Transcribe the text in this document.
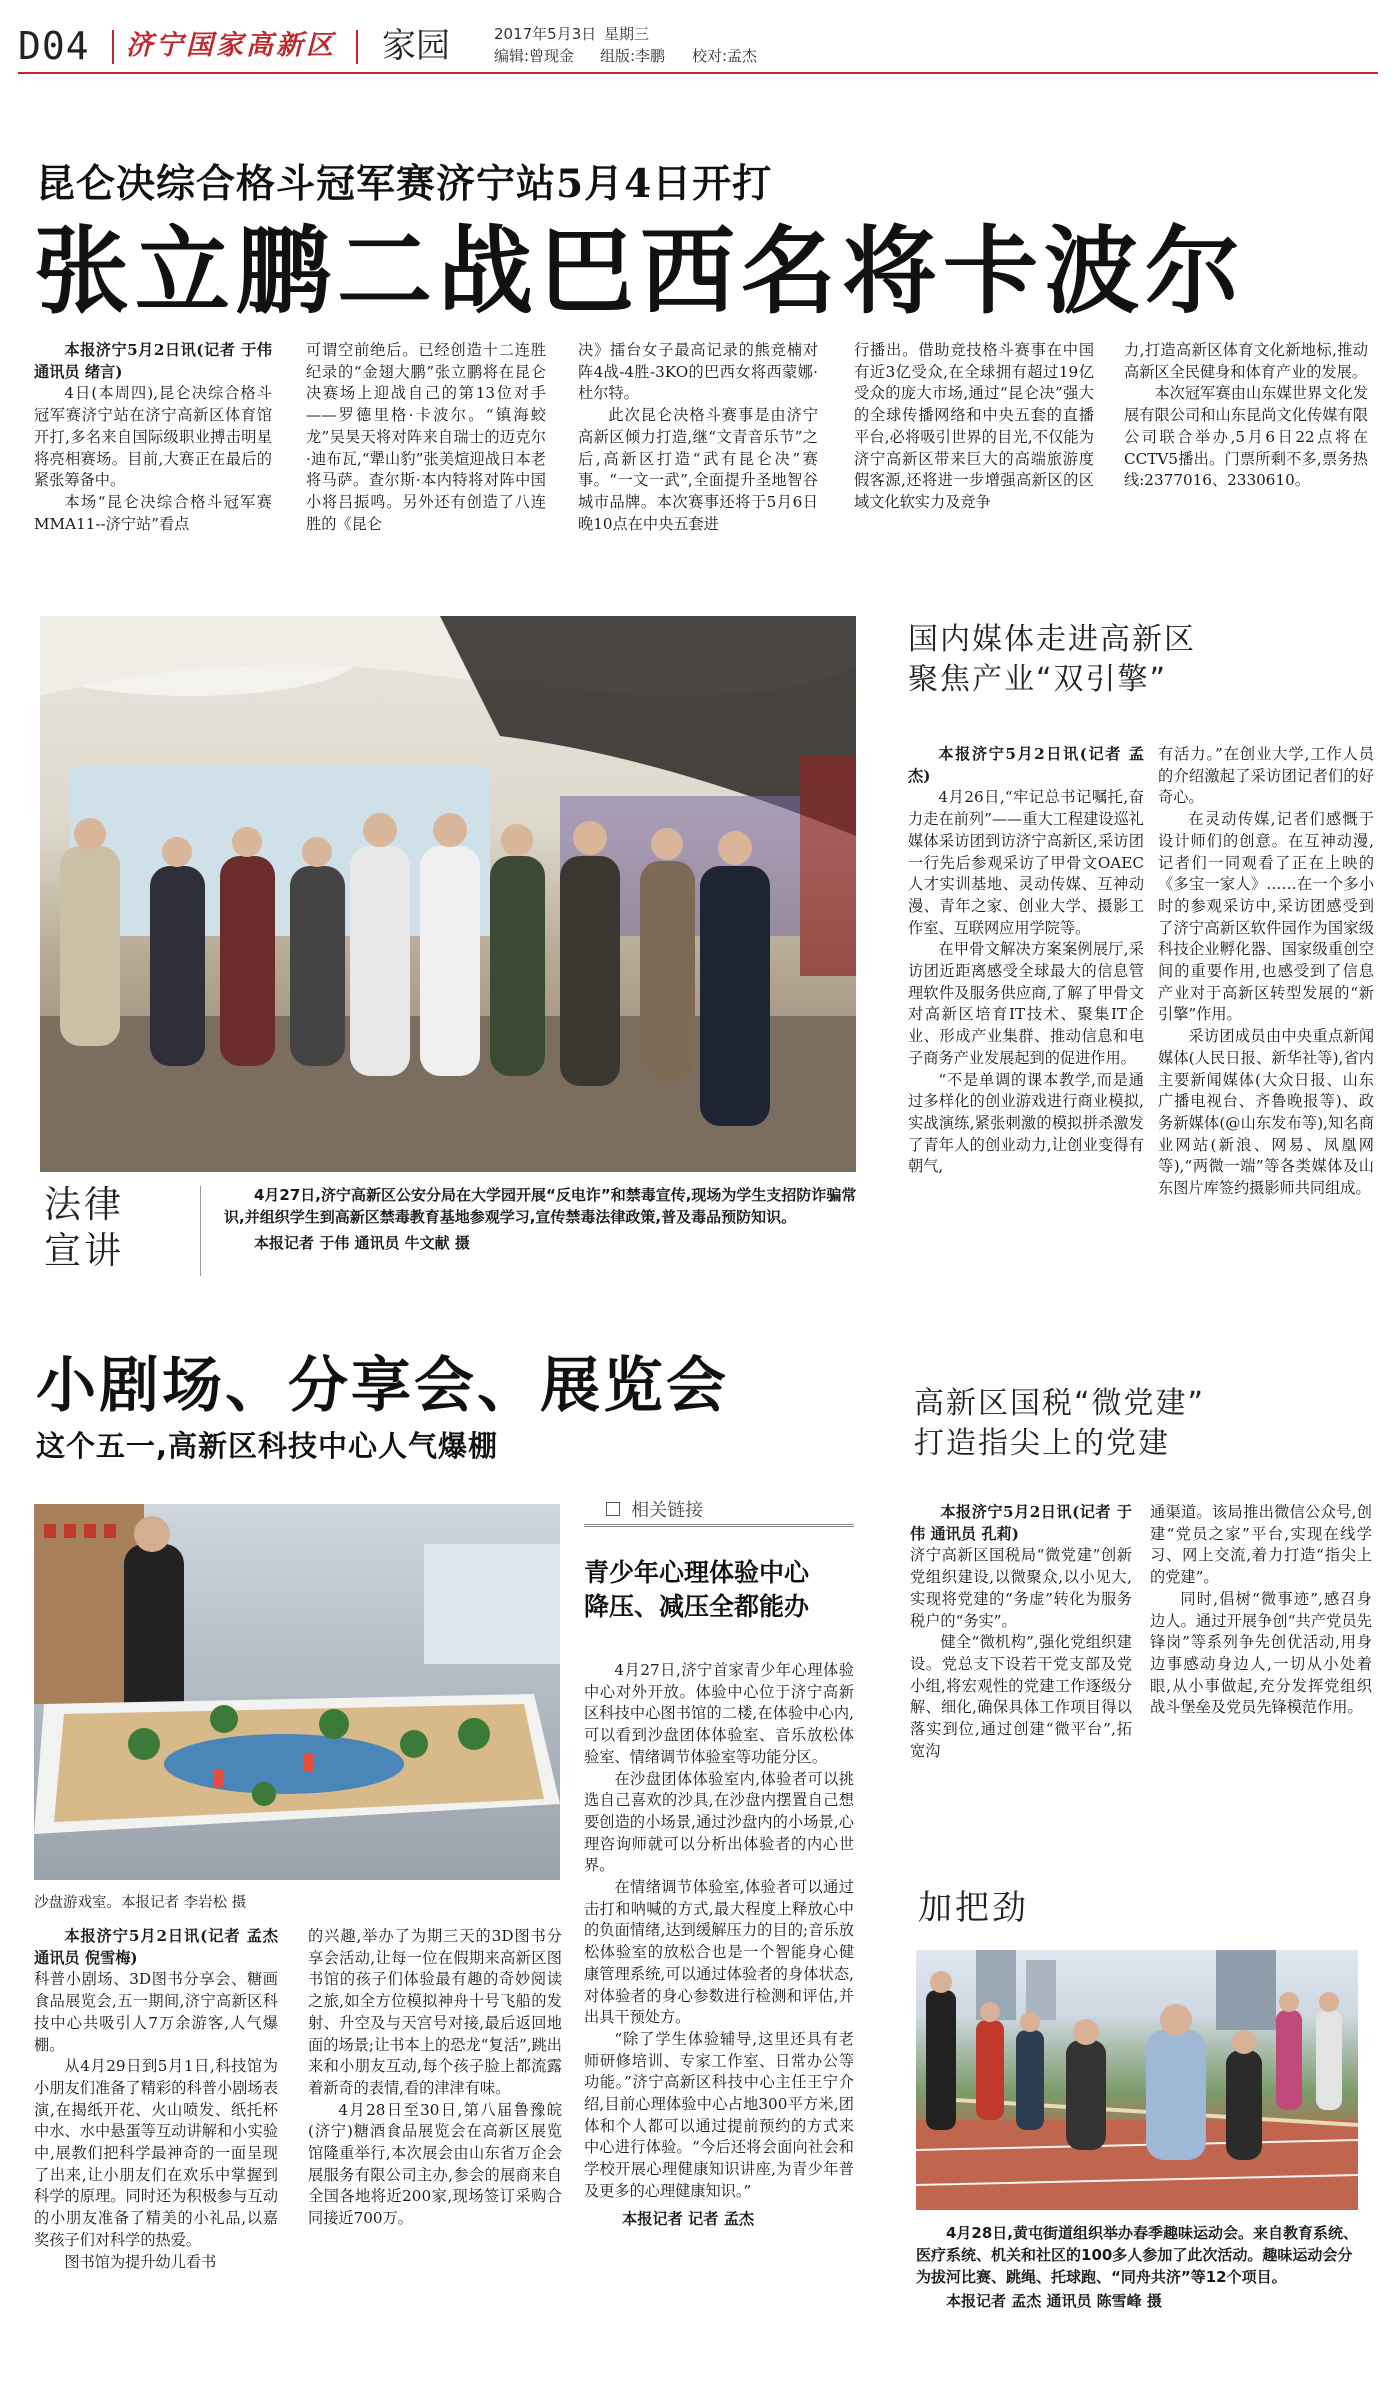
D04 济宁国家高新区 家园	2017年5月3日 星期三
编辑:曾现金 组版:李鹏 校对:孟杰
昆仑决综合格斗冠军赛济宁站5月4日开打
张立鹏二战巴西名将卡波尔

本报济宁5月2日讯(记者 于伟 通讯员 绪言)

4日(本周四),昆仑决综合格斗冠军赛济宁站在济宁高新区体育馆开打,多名来自国际级职业搏击明星将亮相赛场。目前,大赛正在最后的紧张筹备中。

本场“昆仑决综合格斗冠军赛MMA11--济宁站”看点

可谓空前绝后。已经创造十二连胜纪录的“金翅大鹏”张立鹏将在昆仑决赛场上迎战自己的第13位对手——罗德里格·卡波尔。“镇海蛟龙”吴昊天将对阵来自瑞士的迈克尔·迪布瓦,“犟山豹”张美煊迎战日本老将马萨。查尔斯·本内特将对阵中国小将吕振鸣。另外还有创造了八连胜的《昆仑

决》擂台女子最高记录的熊竞楠对阵4战-4胜-3KO的巴西女将西蒙娜·杜尔特。

此次昆仑决格斗赛事是由济宁高新区倾力打造,继“文青音乐节”之后,高新区打造“武有昆仑决”赛事。“一文一武”,全面提升圣地智谷城市品牌。本次赛事还将于5月6日晚10点在中央五套进

行播出。借助竞技格斗赛事在中国有近3亿受众,在全球拥有超过19亿受众的庞大市场,通过“昆仑决”强大的全球传播网络和中央五套的直播平台,必将吸引世界的目光,不仅能为济宁高新区带来巨大的高端旅游度假客源,还将进一步增强高新区的区域文化软实力及竞争

力,打造高新区体育文化新地标,推动高新区全民健身和体育产业的发展。

本次冠军赛由山东媒世界文化发展有限公司和山东昆尚文化传媒有限公司联合举办,5月6日22点将在CCTV5播出。门票所剩不多,票务热线:2377016、2330610。

法律
宣讲
4月27日,济宁高新区公安分局在大学园开展“反电诈”和禁毒宣传,现场为学生支招防诈骗常识,并组织学生到高新区禁毒教育基地参观学习,宣传禁毒法律政策,普及毒品预防知识。
本报记者 于伟 通讯员 牛文献 摄
国内媒体走进高新区
聚焦产业“双引擎”

本报济宁5月2日讯(记者 孟杰)

4月26日,“牢记总书记嘱托,奋力走在前列”——重大工程建设巡礼媒体采访团到访济宁高新区,采访团一行先后参观采访了甲骨文OAEC人才实训基地、灵动传媒、互神动漫、青年之家、创业大学、摄影工作室、互联网应用学院等。

在甲骨文解决方案案例展厅,采访团近距离感受全球最大的信息管理软件及服务供应商,了解了甲骨文对高新区培育IT技术、聚集IT企业、形成产业集群、推动信息和电子商务产业发展起到的促进作用。

“不是单调的课本教学,而是通过多样化的创业游戏进行商业模拟,实战演练,紧张刺激的模拟拼杀激发了青年人的创业动力,让创业变得有朝气,

有活力。”在创业大学,工作人员的介绍激起了采访团记者们的好奇心。

在灵动传媒,记者们感慨于设计师们的创意。在互神动漫,记者们一同观看了正在上映的《多宝一家人》……在一个多小时的参观采访中,采访团感受到了济宁高新区软件园作为国家级科技企业孵化器、国家级重创空间的重要作用,也感受到了信息产业对于高新区转型发展的“新引擎”作用。

采访团成员由中央重点新闻媒体(人民日报、新华社等),省内主要新闻媒体(大众日报、山东广播电视台、齐鲁晚报等)、政务新媒体(@山东发布等),知名商业网站(新浪、网易、凤凰网等),“两微一端”等各类媒体及山东图片库签约摄影师共同组成。

小剧场、分享会、展览会
这个五一,高新区科技中心人气爆棚
沙盘游戏室。本报记者 李岩松 摄

本报济宁5月2日讯(记者 孟杰 通讯员 倪雪梅)

科普小剧场、3D图书分享会、糖画食品展览会,五一期间,济宁高新区科技中心共吸引人7万余游客,人气爆棚。

从4月29日到5月1日,科技馆为小朋友们准备了精彩的科普小剧场表演,在揭纸开花、火山喷发、纸托杯中水、水中悬蛋等互动讲解和小实验中,展教们把科学最神奇的一面呈现了出来,让小朋友们在欢乐中掌握到科学的原理。同时还为积极参与互动的小朋友准备了精美的小礼品,以嘉奖孩子们对科学的热爱。

图书馆为提升幼儿看书

的兴趣,举办了为期三天的3D图书分享会活动,让每一位在假期来高新区图书馆的孩子们体验最有趣的奇妙阅读之旅,如全方位模拟神舟十号飞船的发射、升空及与天宫号对接,最后返回地面的场景;让书本上的恐龙“复活”,跳出来和小朋友互动,每个孩子脸上都流露着新奇的表情,看的津津有味。

4月28日至30日,第八届鲁豫皖(济宁)糖酒食品展览会在高新区展览馆隆重举行,本次展会由山东省万企会展服务有限公司主办,参会的展商来自全国各地将近200家,现场签订采购合同接近700万。

相关链接
青少年心理体验中心
降压、减压全都能办

4月27日,济宁首家青少年心理体验中心对外开放。体验中心位于济宁高新区科技中心图书馆的二楼,在体验中心内,可以看到沙盘团体体验室、音乐放松体验室、情绪调节体验室等功能分区。

在沙盘团体体验室内,体验者可以挑选自己喜欢的沙具,在沙盘内摆置自己想要创造的小场景,通过沙盘内的小场景,心理咨询师就可以分析出体验者的内心世界。

在情绪调节体验室,体验者可以通过击打和呐喊的方式,最大程度上释放心中的负面情绪,达到缓解压力的目的;音乐放松体验室的放松合也是一个智能身心健康管理系统,可以通过体验者的身体状态,对体验者的身心参数进行检测和评估,并出具干预处方。

“除了学生体验辅导,这里还具有老师研修培训、专家工作室、日常办公等功能。”济宁高新区科技中心主任王宁介绍,目前心理体验中心占地300平方米,团体和个人都可以通过提前预约的方式来中心进行体验。“今后还将会面向社会和学校开展心理健康知识讲座,为青少年普及更多的心理健康知识。”

本报记者 记者 孟杰

高新区国税“微党建”
打造指尖上的党建

本报济宁5月2日讯(记者 于伟 通讯员 孔莉)

济宁高新区国税局“微党建”创新党组织建设,以微聚众,以小见大,实现将党建的“务虚”转化为服务税户的“务实”。

健全“微机构”,强化党组织建设。党总支下设若干党支部及党小组,将宏观性的党建工作逐级分解、细化,确保具体工作项目得以落实到位,通过创建“微平台”,拓宽沟

通渠道。该局推出微信公众号,创建“党员之家”平台,实现在线学习、网上交流,着力打造“指尖上的党建”。

同时,倡树“微事迹”,感召身边人。通过开展争创“共产党员先锋岗”等系列争先创优活动,用身边事感动身边人,一切从小处着眼,从小事做起,充分发挥党组织战斗堡垒及党员先锋模范作用。

加把劲
4月28日,黄屯街道组织举办春季趣味运动会。来自教育系统、医疗系统、机关和社区的100多人参加了此次活动。趣味运动会分为拔河比赛、跳绳、托球跑、“同舟共济”等12个项目。
本报记者 孟杰 通讯员 陈雪峰 摄
